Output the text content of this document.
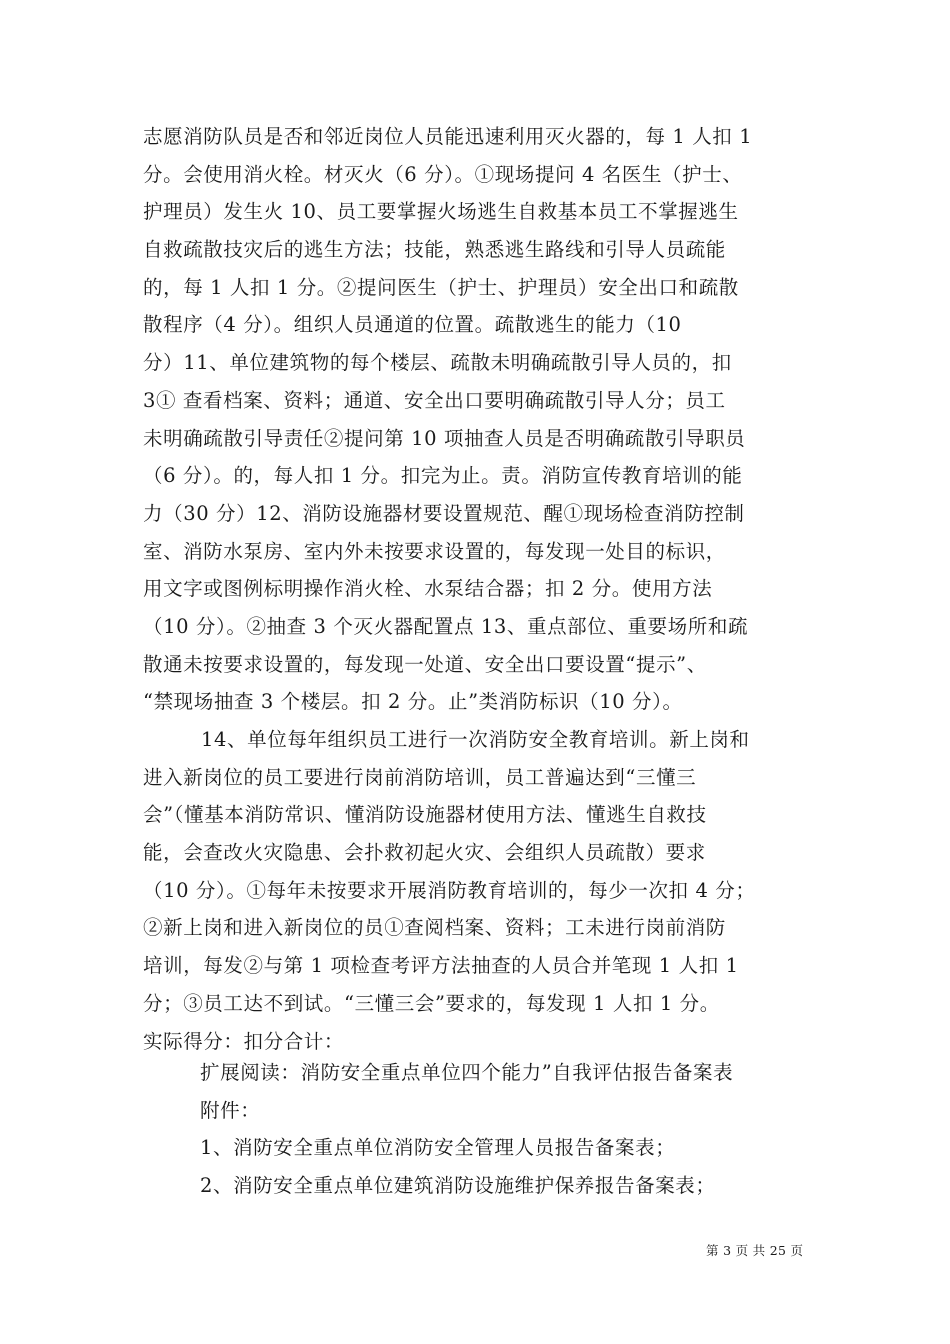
志愿消防队员是否和邻近岗位人员能迅速利用灭火器的，每 1 人扣 1
分。会使用消火栓。材灭火（6 分）。①现场提问 4 名医生（护士、
护理员）发生火 10、员工要掌握火场逃生自救基本员工不掌握逃生
自救疏散技灾后的逃生方法；技能，熟悉逃生路线和引导人员疏能
的，每 1 人扣 1 分。②提问医生（护士、护理员）安全出口和疏散
散程序（4 分）。组织人员通道的位置。疏散逃生的能力（10
分）11、单位建筑物的每个楼层、疏散未明确疏散引导人员的，扣
3① 查看档案、资料；通道、安全出口要明确疏散引导人分；员工
未明确疏散引导责任②提问第 10 项抽查人员是否明确疏散引导职员
（6 分）。的，每人扣 1 分。扣完为止。责。消防宣传教育培训的能
力（30 分）12、消防设施器材要设置规范、醒①现场检查消防控制
室、消防水泵房、室内外未按要求设置的，每发现一处目的标识，
用文字或图例标明操作消火栓、水泵结合器；扣 2 分。使用方法
（10 分）。②抽查 3 个灭火器配置点 13、重点部位、重要场所和疏
散通未按要求设置的，每发现一处道、安全出口要设置“提示”、
“禁现场抽查 3 个楼层。扣 2 分。止”类消防标识（10 分）。
14、单位每年组织员工进行一次消防安全教育培训。新上岗和
进入新岗位的员工要进行岗前消防培训，员工普遍达到“三懂三
会”（懂基本消防常识、懂消防设施器材使用方法、懂逃生自救技
能，会查改火灾隐患、会扑救初起火灾、会组织人员疏散）要求
（10 分）。①每年未按要求开展消防教育培训的，每少一次扣 4 分；
②新上岗和进入新岗位的员①查阅档案、资料；工未进行岗前消防
培训，每发②与第 1 项检查考评方法抽查的人员合并笔现 1 人扣 1
分；③员工达不到试。“三懂三会”要求的，每发现 1 人扣 1 分。
实际得分：扣分合计：
扩展阅读：消防安全重点单位四个能力”自我评估报告备案表
附件：
1、消防安全重点单位消防安全管理人员报告备案表；
2、消防安全重点单位建筑消防设施维护保养报告备案表；
第 3 页 共 25 页
